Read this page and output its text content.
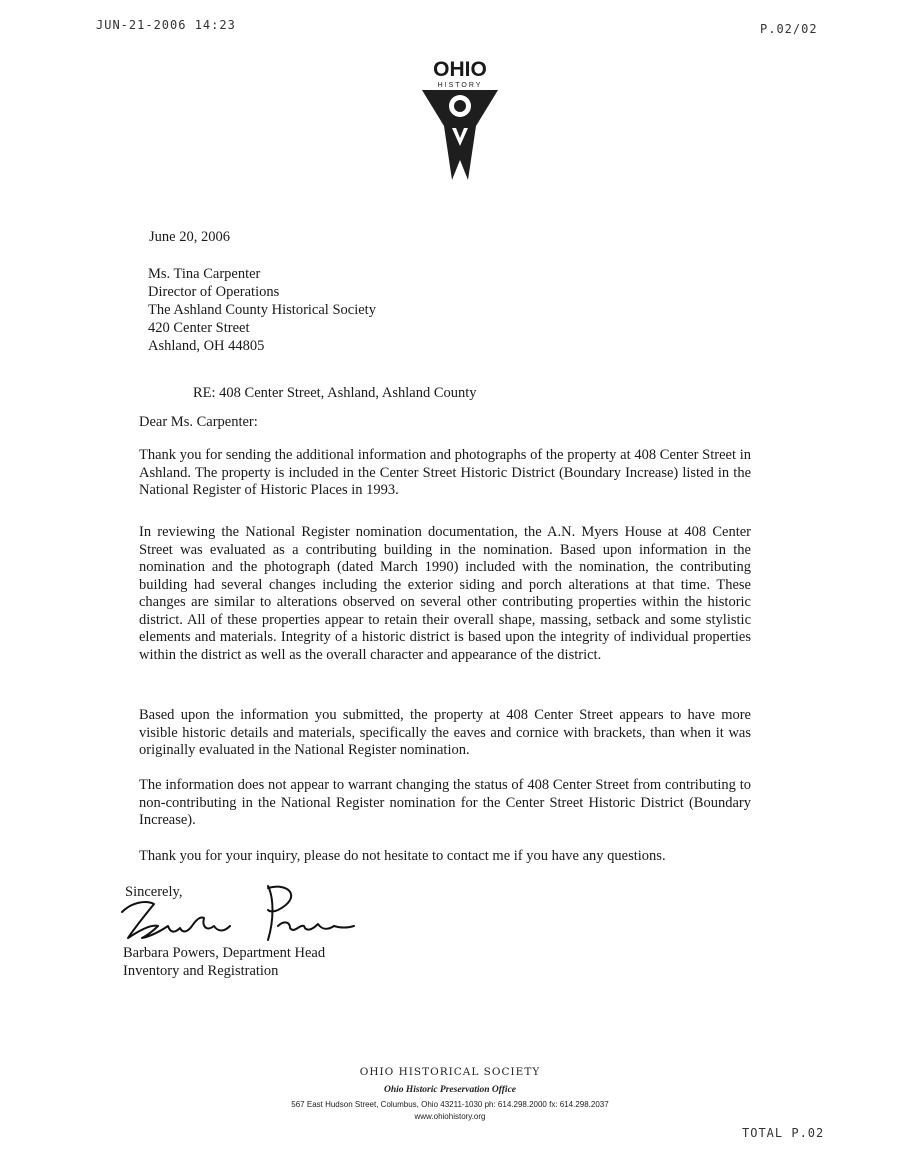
JUN-21-2006 14:23	P.02/02
OHIO
HISTORY
June 20, 2006
Ms. Tina Carpenter
Director of Operations
The Ashland County Historical Society
420 Center Street
Ashland, OH 44805
RE: 408 Center Street, Ashland, Ashland County
Dear Ms. Carpenter:
Thank you for sending the additional information and photographs of the property at 408 Center Street in Ashland. The property is included in the Center Street Historic District (Boundary Increase) listed in the National Register of Historic Places in 1993.
In reviewing the National Register nomination documentation, the A.N. Myers House at 408 Center Street was evaluated as a contributing building in the nomination. Based upon information in the nomination and the photograph (dated March 1990) included with the nomination, the contributing building had several changes including the exterior siding and porch alterations at that time. These changes are similar to alterations observed on several other contributing properties within the historic district. All of these properties appear to retain their overall shape, massing, setback and some stylistic elements and materials. Integrity of a historic district is based upon the integrity of individual properties within the district as well as the overall character and appearance of the district.
Based upon the information you submitted, the property at 408 Center Street appears to have more visible historic details and materials, specifically the eaves and cornice with brackets, than when it was originally evaluated in the National Register nomination.
The information does not appear to warrant changing the status of 408 Center Street from contributing to non-contributing in the National Register nomination for the Center Street Historic District (Boundary Increase).
Thank you for your inquiry, please do not hesitate to contact me if you have any questions.
Sincerely,
Barbara Powers, Department Head
Inventory and Registration
OHIO HISTORICAL SOCIETY
Ohio Historic Preservation Office
567 East Hudson Street, Columbus, Ohio 43211-1030 ph: 614.298.2000 fx: 614.298.2037
www.ohiohistory.org
TOTAL P.02
